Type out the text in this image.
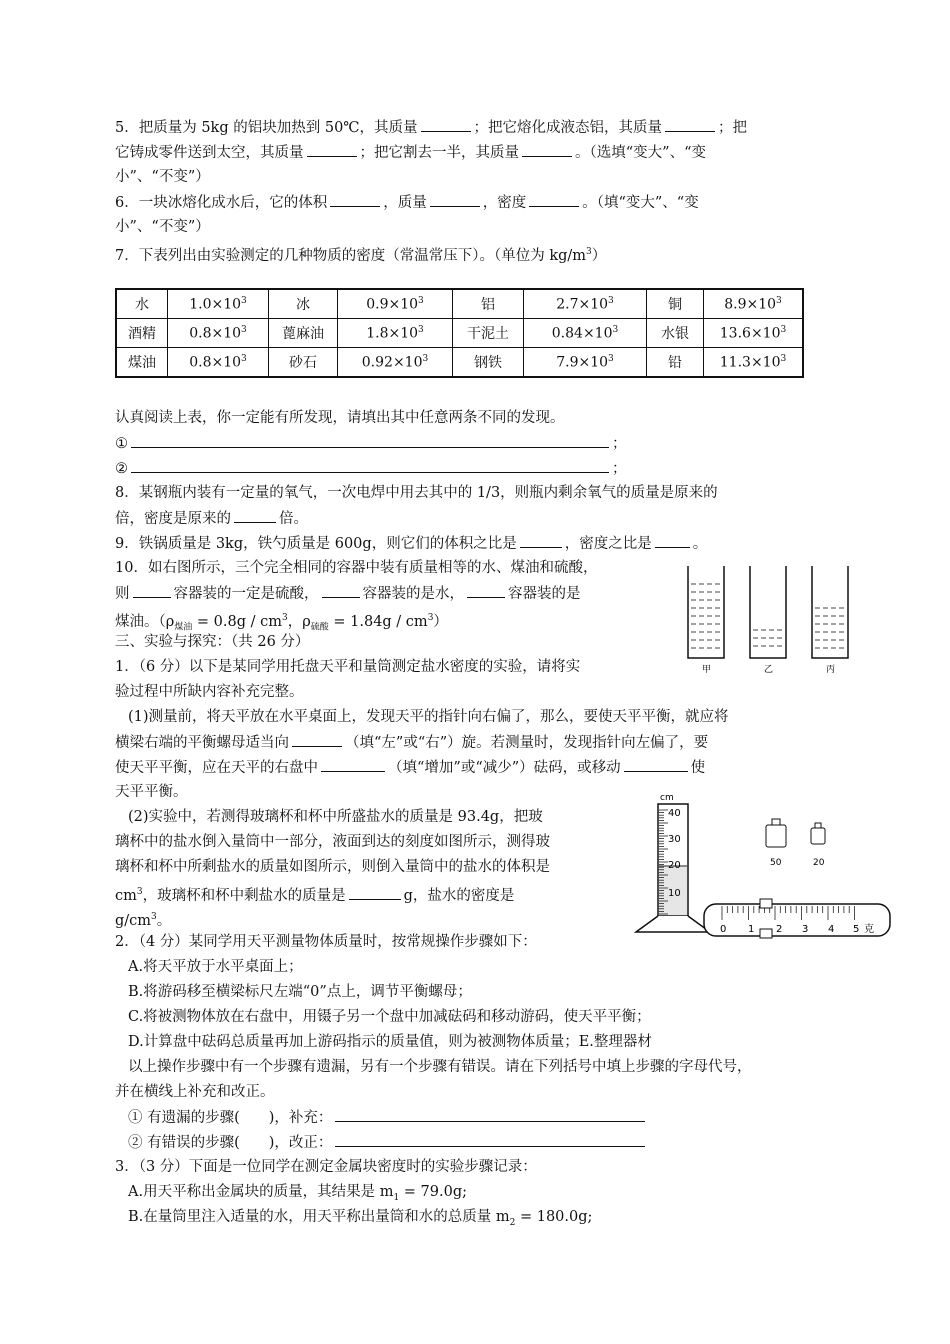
5．把质量为 5kg 的铝块加热到 50℃，其质量	；把它熔化成液态铝，其质量	；把
它铸成零件送到太空，其质量	；把它割去一半，其质量	。（选填“变大”、“变
小”、“不变”）
6．一块冰熔化成水后，它的体积	，质量	，密度	。（填“变大”、“变
小”、“不变”）
7．下表列出由实验测定的几种物质的密度（常温常压下）。（单位为 $kg/m^3$）
水	$1.0\times 10^3$	冰	$0.9\times 10^3$	铝	$2.7\times 10^3$	铜	$8.9\times 10^3$
酒精	$0.8\times 10^3$	蓖麻油	$1.8\times 10^3$	干泥土	$0.84\times 10^3$	水银	$13.6\times 10^3$
煤油	$0.8\times 10^3$	砂石	$0.92\times 10^3$	钢铁	$7.9\times 10^3$	铅	$11.3\times 10^3$
认真阅读上表，你一定能有所发现，请填出其中任意两条不同的发现。
①	；
②	；
8．某钢瓶内装有一定量的氧气，一次电焊中用去其中的 1/3，则瓶内剩余氧气的质量是原来的
倍，密度是原来的	倍。
9．铁锅质量是 3kg，铁勺质量是 600g，则它们的体积之比是	，密度之比是	。
10．如右图所示，三个完全相同的容器中装有质量相等的水、煤油和硫酸，
则	容器装的一定是硫酸，	容器装的是水，	容器装的是
煤油。（$\rho_{煤油} = 0.8g / cm^3$，$\rho_{硫酸} = 1.84g / cm^3$）
甲	乙	丙
三、实验与探究：（共 26 分）
1．（6 分）以下是某同学用托盘天平和量筒测定盐水密度的实验，请将实
验过程中所缺内容补充完整。
(1)测量前，将天平放在水平桌面上，发现天平的指针向右偏了，那么，要使天平平衡，就应将
横梁右端的平衡螺母适当向	（填“左”或“右”）旋。若测量时，发现指针向左偏了，要
使天平平衡，应在天平的右盘中	（填“增加”或“减少”）砝码，或移动	使
天平平衡。
(2)实验中，若测得玻璃杯和杯中所盛盐水的质量是 93.4g，把玻
璃杯中的盐水倒入量筒中一部分，液面到达的刻度如图所示，测得玻
璃杯和杯中所剩盐水的质量如图所示，则倒入量筒中的盐水的体积是
$cm^3$，玻璃杯和杯中剩盐水的质量是	g，盐水的密度是
$g/cm^3$。
cm
40
30
20
10
50	20
0 1 2 3 4 5 克
2．（4 分）某同学用天平测量物体质量时，按常规操作步骤如下：
A.将天平放于水平桌面上；
B.将游码移至横梁标尺左端“0”点上，调节平衡螺母；
C.将被测物体放在右盘中，用镊子另一个盘中加减砝码和移动游码，使天平平衡；
D.计算盘中砝码总质量再加上游码指示的质量值，则为被测物体质量；E.整理器材
以上操作步骤中有一个步骤有遗漏，另有一个步骤有错误。请在下列括号中填上步骤的字母代号，
并在横线上补充和改正。
① 有遗漏的步骤(　　)，补充：
② 有错误的步骤(　　)，改正：
3．（3 分）下面是一位同学在测定金属块密度时的实验步骤记录：
A.用天平称出金属块的质量，其结果是 $m_1 = 79.0g$;
B.在量筒里注入适量的水，用天平称出量筒和水的总质量 $m_2 = 180.0g$;
